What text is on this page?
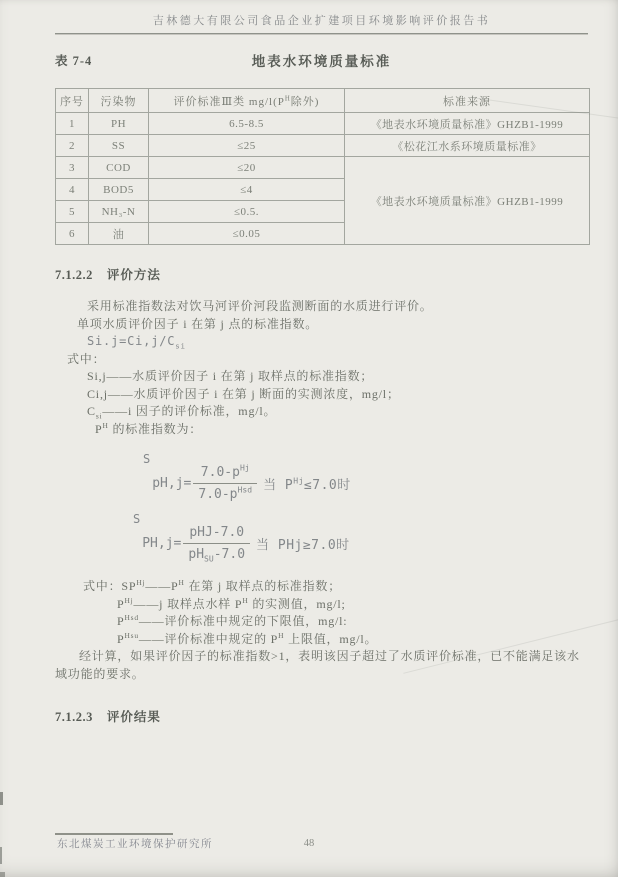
吉林德大有限公司食品企业扩建项目环境影响评价报告书
表 7-4	地表水环境质量标准
序号	污染物	评价标准Ⅲ类 $mg/l(P^H$除外)	标准来源
1	PH	6.5-8.5	《地表水环境质量标准》GHZB1-1999
2	SS	≤25	《松花江水系环境质量标准》
3	COD	≤20	《地表水环境质量标准》GHZB1-1999
4	BOD5	≤4	
5	NH₃-N	≤0.5.	
6	油	≤0.05	
7.1.2.2 评价方法
采用标准指数法对饮马河评价河段监测断面的水质进行评价。
单项水质评价因子 i 在第 j 点的标准指数。
$Si.j=Ci,j/C_{si}$
式中：
Si,j——水质评价因子 i 在第 j 取样点的标准指数；
Ci,j——水质评价因子 i 在第 j 断面的实测浓度，mg/l；
$C_{si}——i$ 因子的评价标准，mg/l。
$P^H$ 的标准指数为：
S
$pH,j= \frac{7.0-p^{Hj}}{7.0-p^{Hsd}}$ 当 $P^{Hj}\le 7.0$时
S
$PH,j= \frac{\text{pHJ-7.0}}{pH_{SU}-7.0}$ 当 PHj≥7.0时
式中：$SP^{Hj}——P^H$ 在第 j 取样点的标准指数；
$P^{Hj}——j$ 取样点水样 $P^H$ 的实测值，mg/l;
$P^{Hsd}——$评价标准中规定的下限值，mg/l:
$P^{Hsu}——$评价标准中规定的 $P^H$ 上限值，mg/l。
经计算，如果评价因子的标准指数>1，表明该因子超过了水质评价标准，已不能满足该水域功能的要求。
7.1.2.3 评价结果
48
东北煤炭工业环境保护研究所
